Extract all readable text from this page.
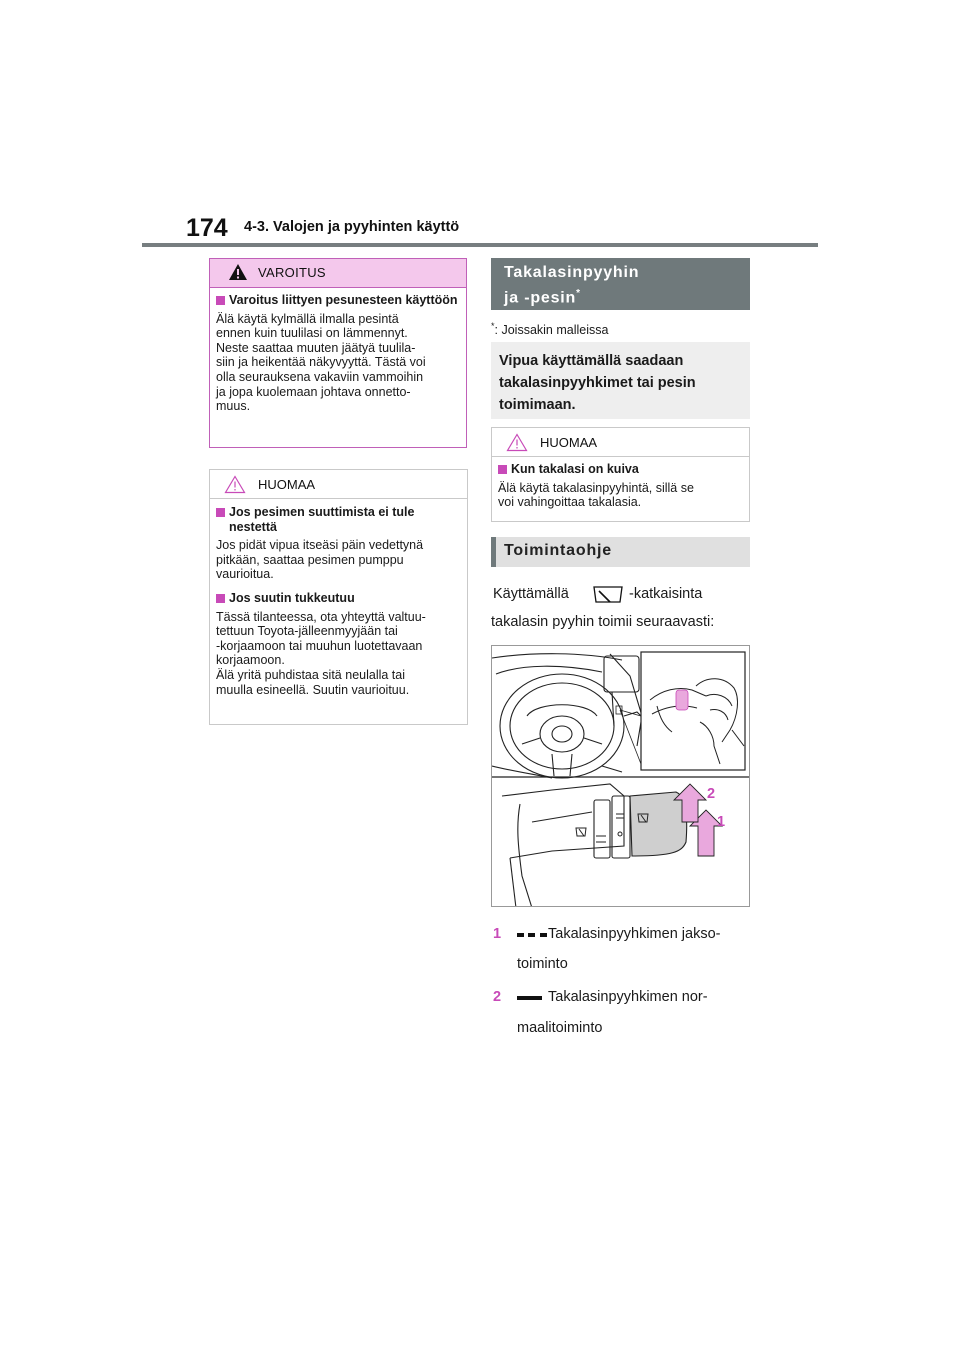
174 4-3. Valojen ja pyyhinten käyttö
VAROITUS
Varoitus liittyen pesunesteen käyttöön
Älä käytä kylmällä ilmalla pesintä
ennen kuin tuulilasi on lämmennyt.
Neste saattaa muuten jäätyä tuulila-
siin ja heikentää näkyvyyttä. Tästä voi
olla seurauksena vakaviin vammoihin
ja jopa kuolemaan johtava onnetto-
muus.
HUOMAA
Jos pesimen suuttimista ei tule nestettä
Jos pidät vipua itseäsi päin vedettynä
pitkään, saattaa pesimen pumppu
vaurioitua.
Jos suutin tukkeutuu
Tässä tilanteessa, ota yhteyttä valtuu-
tettuun Toyota-jälleenmyyjään tai
-korjaamoon tai muuhun luotettavaan
korjaamoon.
Älä yritä puhdistaa sitä neulalla tai
muulla esineellä. Suutin vaurioituu.
Takalasinpyyhin
ja -pesin*
*: Joissakin malleissa
Vipua käyttämällä saadaan
takalasinpyyhkimet tai pesin
toimimaan.
HUOMAA
Kun takalasi on kuiva
Älä käytä takalasinpyyhintä, sillä se
voi vahingoittaa takalasia.
Toimintaohje
Käyttämällä	-katkaisinta
takalasin pyyhin toimii seuraavasti:
1
2
1
	Takalasinpyyhkimen jakso-
toiminto
2	Takalasinpyyhkimen nor-
maalitoiminto
